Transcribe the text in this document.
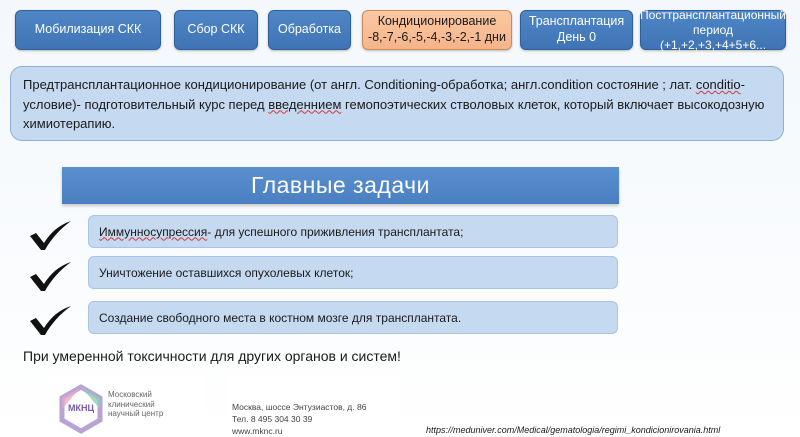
Мобилизация СКК	Сбор СКК	Обработка
Кондиционирование
-8,-7,-6,-5,-4,-3,-2,-1 дни
Трансплантация
День 0
Посттрансплантационный
период (+1,+2,+3,+4+5+6...
Предтрансплантационное кондиционирование (от англ. Conditioning-обработка; англ.condition состояние ; лат. conditio-условие)- подготовительный курс перед введеннием гемопоэтических стволовых клеток, который включает высокодозную химиотерапию.
Главные задачи
Иммунносупрессия - для успешного приживления трансплантата;
Уничтожение оставшихся опухолевых клеток;
Создание свободного места в костном мозге для трансплантата.
При умеренной токсичности для других органов и систем!
МКНЦ
Московский
клинический
научный центр
Москва, шоссе Энтузиастов, д. 86
Тел. 8 495 304 30 39
www.mknc.ru	https://meduniver.com/Medical/gematologia/regimi_kondicionirovania.html
